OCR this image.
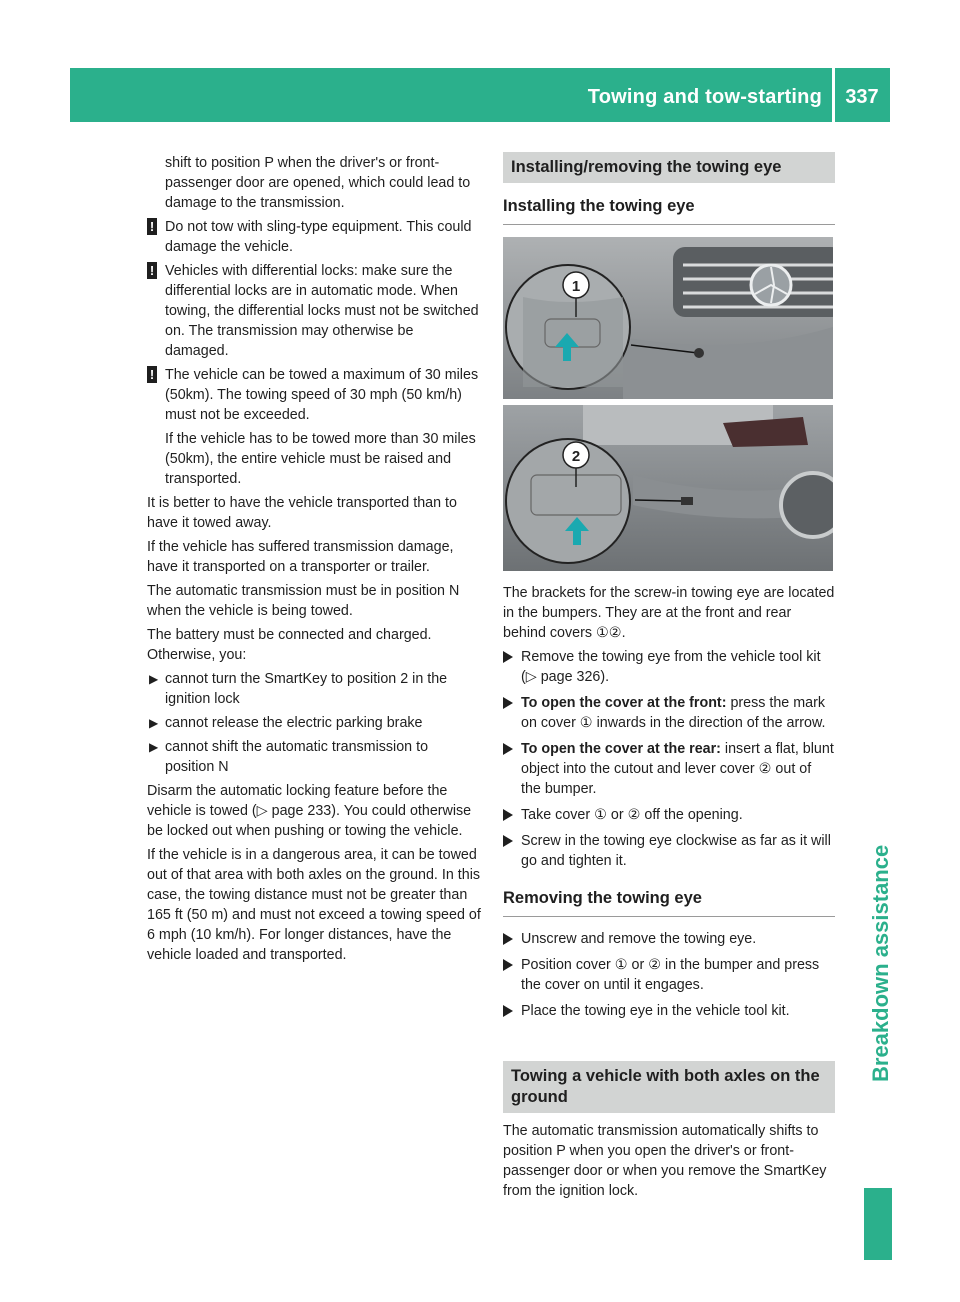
Towing and tow-starting	337
Breakdown assistance

shift to position P when the driver's or front-passenger door are opened, which could lead to damage to the transmission.

! Do not tow with sling-type equipment. This could damage the vehicle.

! Vehicles with differential locks: make sure the differential locks are in automatic mode. When towing, the differential locks must not be switched on. The transmission may otherwise be damaged.

! The vehicle can be towed a maximum of 30 miles (50km). The towing speed of 30 mph (50 km/h) must not be exceeded.

If the vehicle has to be towed more than 30 miles (50km), the entire vehicle must be raised and transported.

It is better to have the vehicle transported than to have it towed away.

If the vehicle has suffered transmission damage, have it transported on a transporter or trailer.

The automatic transmission must be in position N when the vehicle is being towed.

The battery must be connected and charged. Otherwise, you:

▶ cannot turn the SmartKey to position 2 in the ignition lock
▶ cannot release the electric parking brake
▶ cannot shift the automatic transmission to position N

Disarm the automatic locking feature before the vehicle is towed (▷ page 233). You could otherwise be locked out when pushing or towing the vehicle.

If the vehicle is in a dangerous area, it can be towed out of that area with both axles on the ground. In this case, the towing distance must not be greater than 165 ft (50 m) and must not exceed a towing speed of 6 mph (10 km/h). For longer distances, have the vehicle loaded and transported.

Installing/removing the towing eye
Installing the towing eye
1
2

The brackets for the screw-in towing eye are located in the bumpers. They are at the front and rear behind covers ①②.

Remove the towing eye from the vehicle tool kit (▷ page 326).
To open the cover at the front: press the mark on cover ① inwards in the direction of the arrow.
To open the cover at the rear: insert a flat, blunt object into the cutout and lever cover ② out of the bumper.
Take cover ① or ② off the opening.
Screw in the towing eye clockwise as far as it will go and tighten it.
Removing the towing eye
Unscrew and remove the towing eye.
Position cover ① or ② in the bumper and press the cover on until it engages.
Place the towing eye in the vehicle tool kit.
Towing a vehicle with both axles on the ground

The automatic transmission automatically shifts to position P when you open the driver's or front-passenger door or when you remove the SmartKey from the ignition lock.
